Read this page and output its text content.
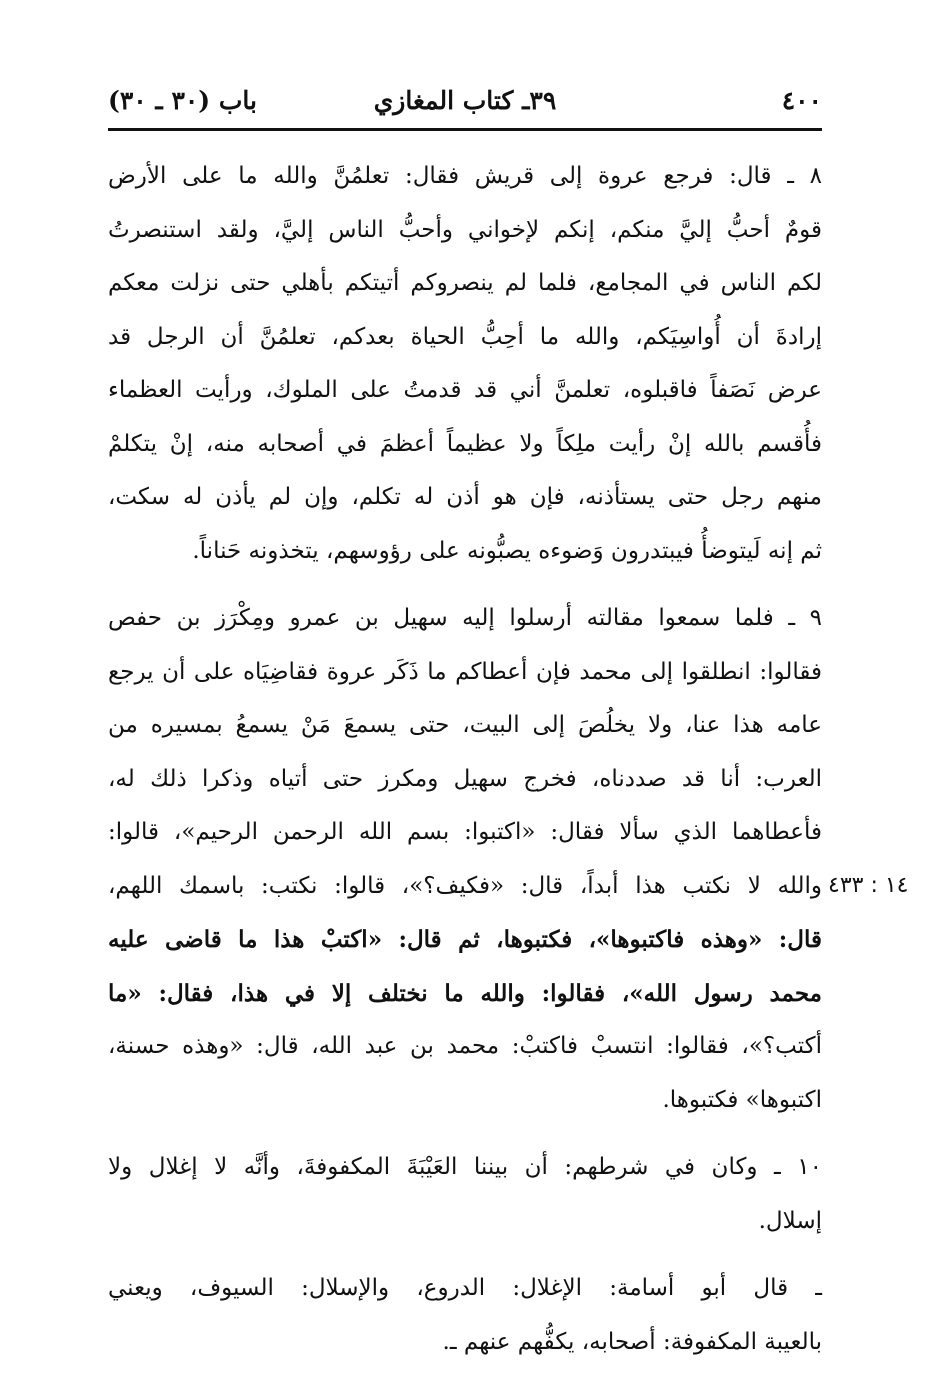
٤٠٠
٣٩ـ كتاب المغازي
باب (٣٠ ـ ٣٠)

٨ ـ قال: فرجع عروة إلى قريش فقال: تعلمُنَّ والله ما على الأرض
قومٌ أحبُّ إليَّ منكم، إنكم لإخواني وأحبُّ الناس إليَّ، ولقد استنصرتُ
لكم الناس في المجامع، فلما لم ينصروكم أتيتكم بأهلي حتى نزلت معكم
إرادةَ أن أُواسِيَكم، والله ما أحِبُّ الحياة بعدكم، تعلمُنَّ أن الرجل قد
عرض نَصَفاً فاقبلوه، تعلمنَّ أني قد قدمتُ على الملوك، ورأيت العظماء
فأُقسم بالله إنْ رأيت ملِكاً ولا عظيماً أعظمَ في أصحابه منه، إنْ يتكلمْ
منهم رجل حتى يستأذنه، فإن هو أذن له تكلم، وإن لم يأذن له سكت،
ثم إنه لَيتوضأُ فيبتدرون وَضوءه يصبُّونه على رؤوسهم، يتخذونه حَناناً.

٩ ـ فلما سمعوا مقالته أرسلوا إليه سهيل بن عمرو ومِكْرَز بن حفص
فقالوا: انطلقوا إلى محمد فإن أعطاكم ما ذَكَر عروة فقاضِيَاه على أن يرجع
عامه هذا عنا، ولا يخلُصَ إلى البيت، حتى يسمعَ مَنْ يسمعُ بمسيره من
العرب: أنا قد صددناه، فخرج سهيل ومكرز حتى أتياه وذكرا ذلك له،
فأعطاهما الذي سألا فقال: «اكتبوا: بسم الله الرحمن الرحيم»، قالوا:
والله لا نكتب هذا أبداً، قال: «فكيف؟»، قالوا: نكتب: باسمك اللهم،
قال: «وهذه فاكتبوها»، فكتبوها، ثم قال: «اكتبْ هذا ما قاضى عليه
محمد رسول الله»، فقالوا: والله ما نختلف إلا في هذا، فقال: «ما
أكتب؟»، فقالوا: انتسبْ فاكتبْ: محمد بن عبد الله، قال: «وهذه حسنة،
اكتبوها» فكتبوها.

١٠ ـ وكان في شرطهم: أن بيننا العَيْبَةَ المكفوفةَ، وأنَّه لا إغلال ولا
إسلال.

ـ قال أبو أسامة: الإغلال: الدروع، والإسلال: السيوف، ويعني
بالعيبة المكفوفة: أصحابه، يكفُّهم عنهم ـ.

١٤ : ٤٣٣
